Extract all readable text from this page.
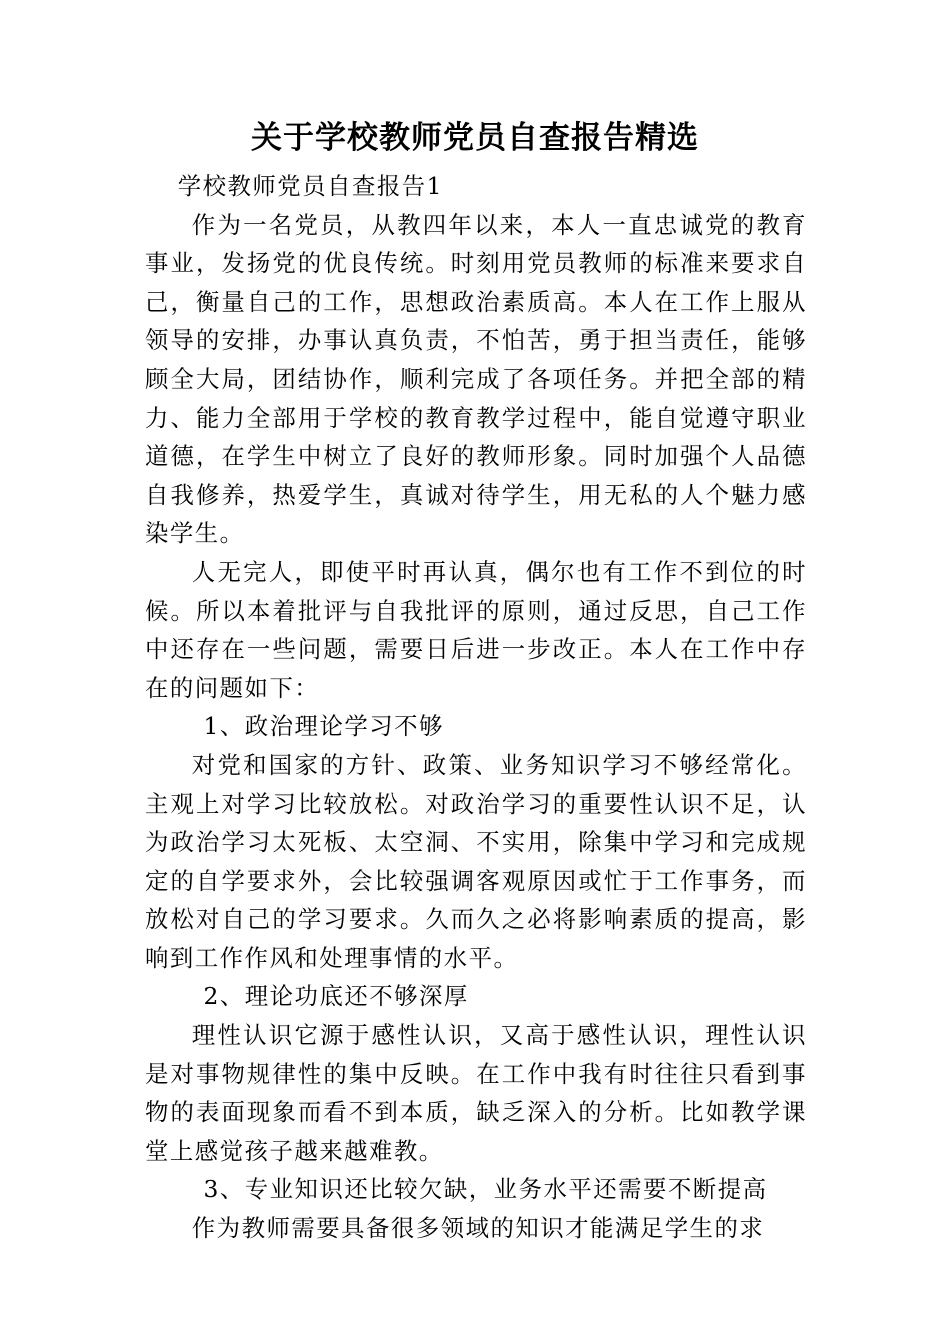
关于学校教师党员自查报告精选

学校教师党员自查报告1

作为一名党员，从教四年以来，本人一直忠诚党的教育事业，发扬党的优良传统。时刻用党员教师的标准来要求自己，衡量自己的工作，思想政治素质高。本人在工作上服从领导的安排，办事认真负责，不怕苦，勇于担当责任，能够顾全大局，团结协作，顺利完成了各项任务。并把全部的精力、能力全部用于学校的教育教学过程中，能自觉遵守职业道德，在学生中树立了良好的教师形象。同时加强个人品德自我修养，热爱学生，真诚对待学生，用无私的人个魅力感染学生。

人无完人，即使平时再认真，偶尔也有工作不到位的时候。所以本着批评与自我批评的原则，通过反思，自己工作中还存在一些问题，需要日后进一步改正。本人在工作中存在的问题如下：

1、政治理论学习不够

对党和国家的方针、政策、业务知识学习不够经常化。主观上对学习比较放松。对政治学习的重要性认识不足，认为政治学习太死板、太空洞、不实用，除集中学习和完成规定的自学要求外，会比较强调客观原因或忙于工作事务，而放松对自己的学习要求。久而久之必将影响素质的提高，影响到工作作风和处理事情的水平。

2、理论功底还不够深厚

理性认识它源于感性认识，又高于感性认识，理性认识是对事物规律性的集中反映。在工作中我有时往往只看到事物的表面现象而看不到本质，缺乏深入的分析。比如教学课堂上感觉孩子越来越难教。

3、专业知识还比较欠缺，业务水平还需要不断提高

作为教师需要具备很多领域的知识才能满足学生的求
